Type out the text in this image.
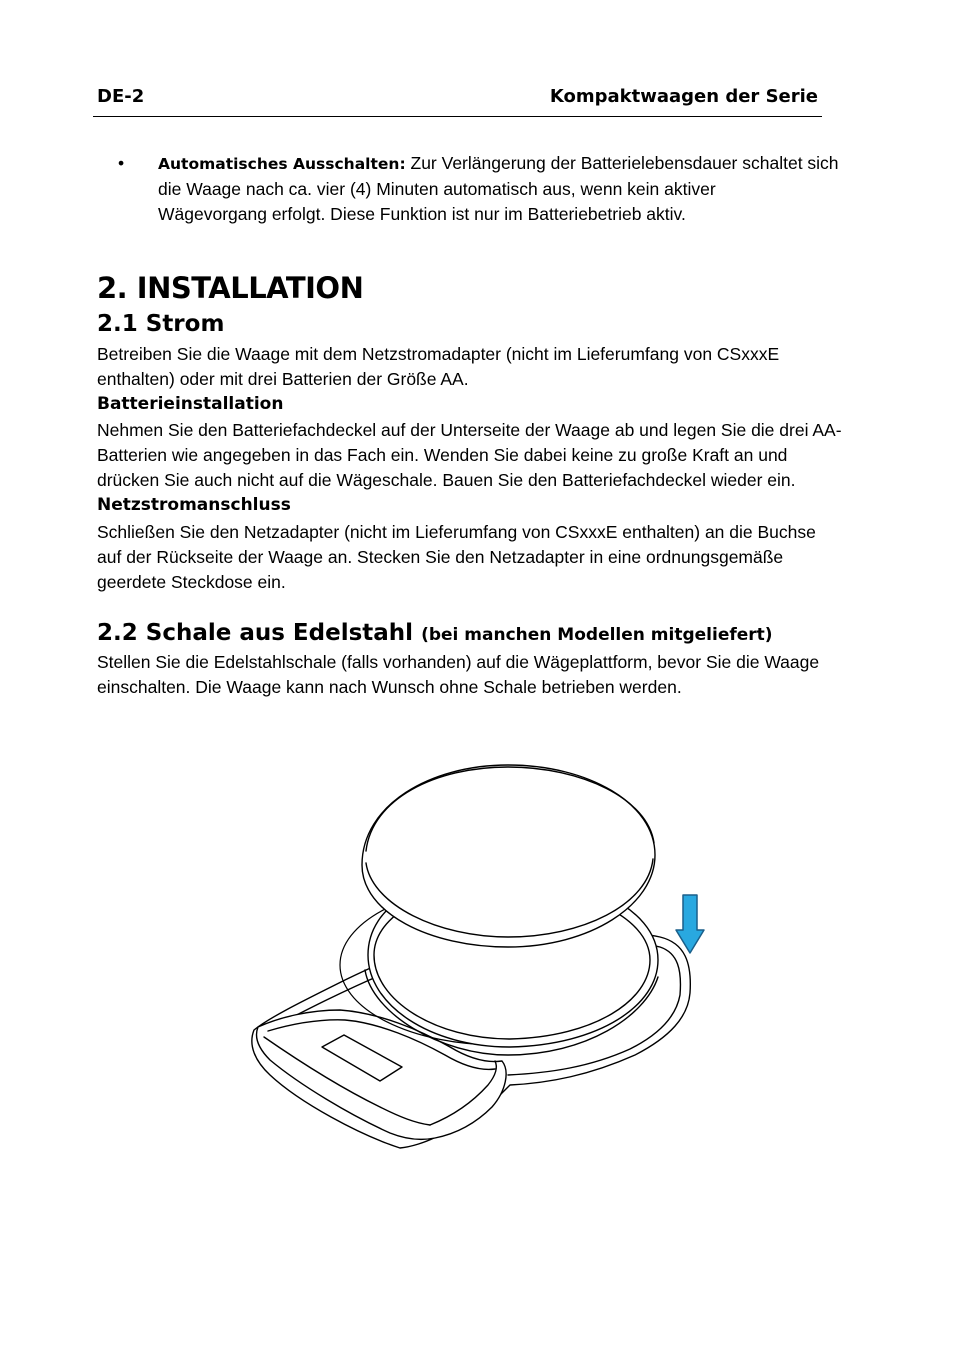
DE-2	Kompaktwaagen der Serie
• Automatisches Ausschalten: Zur Verlängerung der Batterielebensdauer schaltet sich

die Waage nach ca. vier (4) Minuten automatisch aus, wenn kein aktiver

Wägevorgang erfolgt. Diese Funktion ist nur im Batteriebetrieb aktiv.

2. INSTALLATION
2.1 Strom

Betreiben Sie die Waage mit dem Netzstromadapter (nicht im Lieferumfang von CSxxxE

enthalten) oder mit drei Batterien der Größe AA.

Batterieinstallation

Nehmen Sie den Batteriefachdeckel auf der Unterseite der Waage ab und legen Sie die drei AA-

Batterien wie angegeben in das Fach ein. Wenden Sie dabei keine zu große Kraft an und

drücken Sie auch nicht auf die Wägeschale. Bauen Sie den Batteriefachdeckel wieder ein.

Netzstromanschluss

Schließen Sie den Netzadapter (nicht im Lieferumfang von CSxxxE enthalten) an die Buchse

auf der Rückseite der Waage an. Stecken Sie den Netzadapter in eine ordnungsgemäße

geerdete Steckdose ein.

2.2 Schale aus Edelstahl (bei manchen Modellen mitgeliefert)

Stellen Sie die Edelstahlschale (falls vorhanden) auf die Wägeplattform, bevor Sie die Waage

einschalten. Die Waage kann nach Wunsch ohne Schale betrieben werden.
